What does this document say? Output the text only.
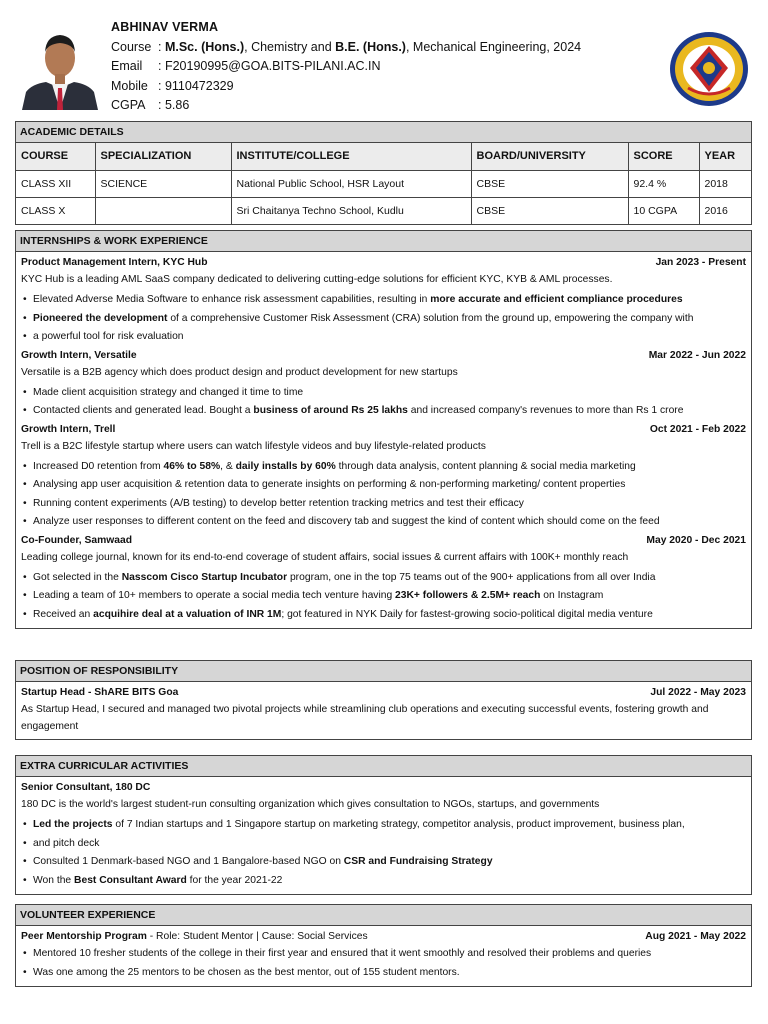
ABHINAV VERMA
Course : M.Sc. (Hons.), Chemistry and B.E. (Hons.), Mechanical Engineering, 2024
Email	: F20190995@GOA.BITS-PILANI.AC.IN
Mobile : 9110472329
CGPA	: 5.86
ACADEMIC DETAILS
COURSE	SPECIALIZATION	INSTITUTE/COLLEGE	BOARD/UNIVERSITY	SCORE	YEAR
CLASS XII	SCIENCE	National Public School, HSR Layout	CBSE	92.4 %	2018
CLASS X		Sri Chaitanya Techno School, Kudlu	CBSE	10 CGPA	2016
INTERNSHIPS & WORK EXPERIENCE
Product Management Intern, KYC Hub	Jan 2023 - Present
KYC Hub is a leading AML SaaS company dedicated to delivering cutting-edge solutions for efficient KYC, KYB & AML processes.
• Elevated Adverse Media Software to enhance risk assessment capabilities, resulting in more accurate and efficient compliance procedures
• Pioneered the development of a comprehensive Customer Risk Assessment (CRA) solution from the ground up, empowering the company with
• a powerful tool for risk evaluation
Growth Intern, Versatile	Mar 2022 - Jun 2022
Versatile is a B2B agency which does product design and product development for new startups
• Made client acquisition strategy and changed it time to time
• Contacted clients and generated lead. Bought a business of around Rs 25 lakhs and increased company's revenues to more than Rs 1 crore
Growth Intern, Trell	Oct 2021 - Feb 2022
Trell is a B2C lifestyle startup where users can watch lifestyle videos and buy lifestyle-related products
• Increased D0 retention from 46% to 58%, & daily installs by 60% through data analysis, content planning & social media marketing
• Analysing app user acquisition & retention data to generate insights on performing & non-performing marketing/ content properties
• Running content experiments (A/B testing) to develop better retention tracking metrics and test their efficacy
• Analyze user responses to different content on the feed and discovery tab and suggest the kind of content which should come on the feed
Co-Founder, Samwaad	May 2020 - Dec 2021
Leading college journal, known for its end-to-end coverage of student affairs, social issues & current affairs with 100K+ monthly reach
• Got selected in the Nasscom Cisco Startup Incubator program, one in the top 75 teams out of the 900+ applications from all over India
• Leading a team of 10+ members to operate a social media tech venture having 23K+ followers & 2.5M+ reach on Instagram
• Received an acquihire deal at a valuation of INR 1M; got featured in NYK Daily for fastest-growing socio-political digital media venture
POSITION OF RESPONSIBILITY
Startup Head - ShARE BITS Goa	Jul 2022 - May 2023
As Startup Head, I secured and managed two pivotal projects while streamlining club operations and executing successful events, fostering growth and engagement
EXTRA CURRICULAR ACTIVITIES
Senior Consultant, 180 DC
180 DC is the world's largest student-run consulting organization which gives consultation to NGOs, startups, and governments
• Led the projects of 7 Indian startups and 1 Singapore startup on marketing strategy, competitor analysis, product improvement, business plan,
• and pitch deck
• Consulted 1 Denmark-based NGO and 1 Bangalore-based NGO on CSR and Fundraising Strategy
• Won the Best Consultant Award for the year 2021-22
VOLUNTEER EXPERIENCE
Peer Mentorship Program - Role: Student Mentor | Cause: Social Services	Aug 2021 - May 2022
• Mentored 10 fresher students of the college in their first year and ensured that it went smoothly and resolved their problems and queries
• Was one among the 25 mentors to be chosen as the best mentor, out of 155 student mentors.
